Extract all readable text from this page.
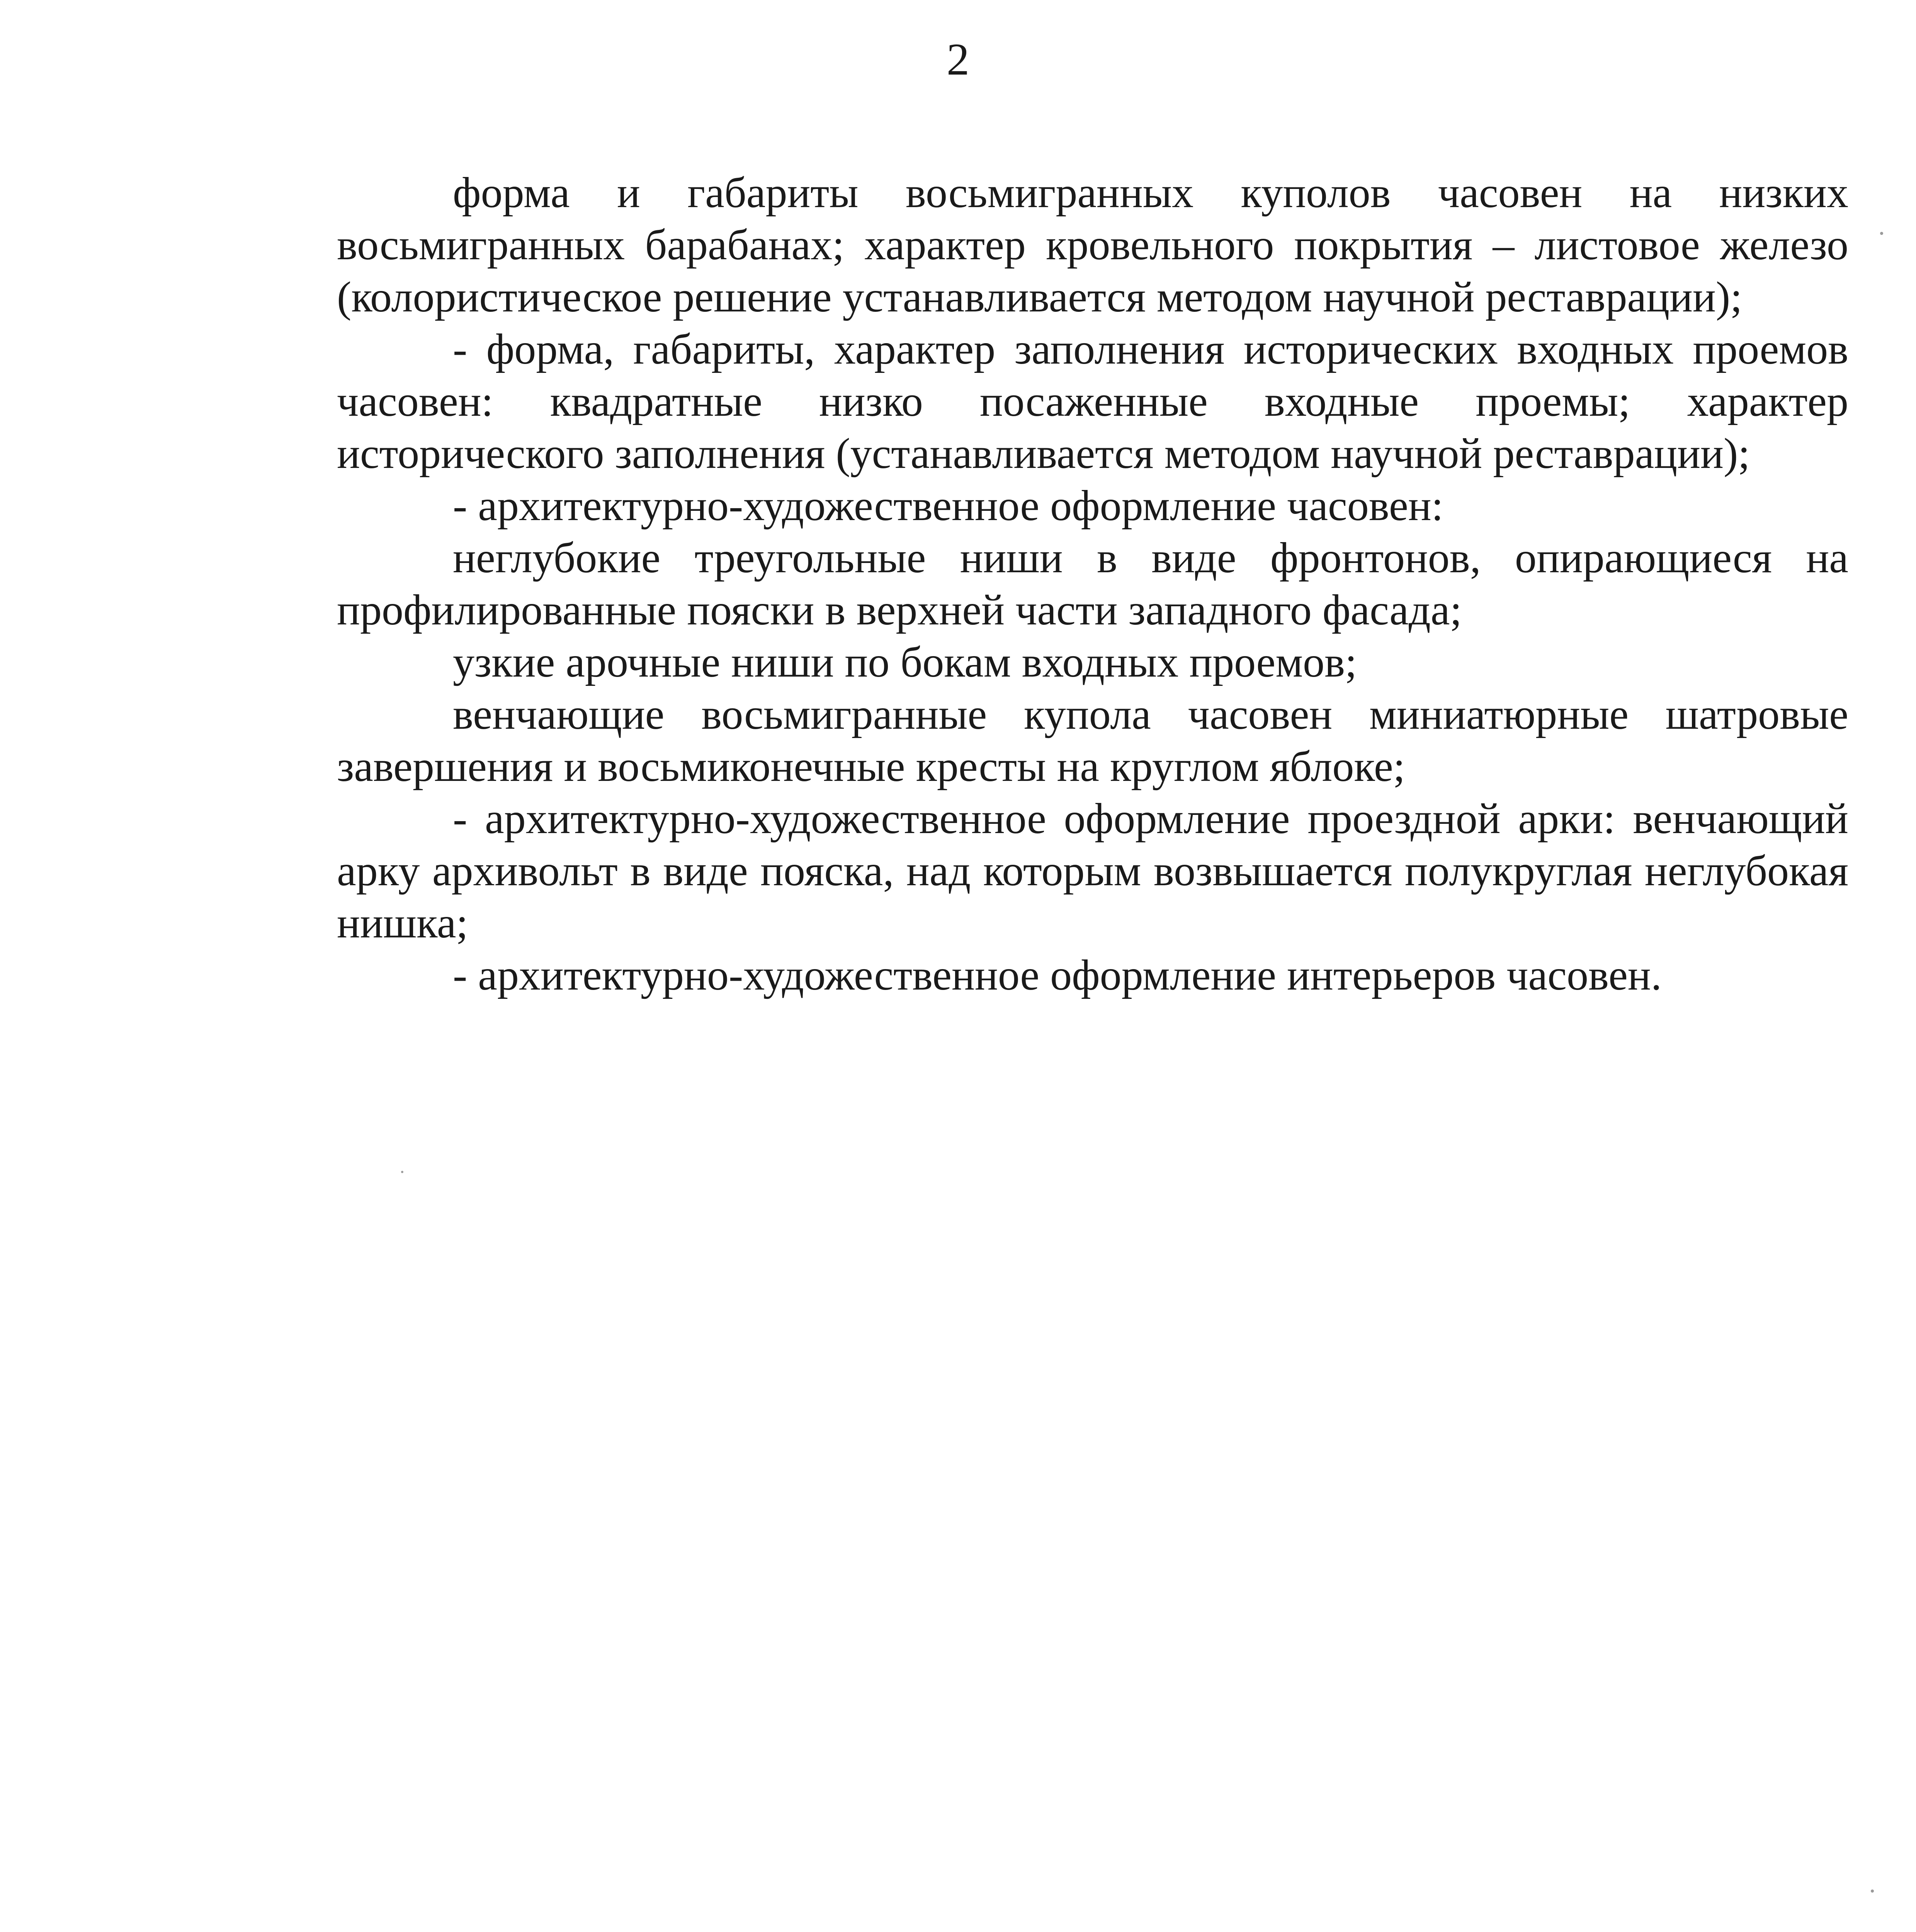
2

форма и габариты восьмигранных куполов часовен на низких восьмигранных барабанах; характер кровельного покрытия – листовое железо (колористическое решение устанавливается методом научной реставрации);

- форма, габариты, характер заполнения исторических входных проемов часовен: квадратные низко посаженные входные проемы; характер исторического заполнения (устанавливается методом научной реставрации);

- архитектурно-художественное оформление часовен:

неглубокие треугольные ниши в виде фронтонов, опирающиеся на профилированные пояски в верхней части западного фасада;

узкие арочные ниши по бокам входных проемов;

венчающие восьмигранные купола часовен миниатюрные шатровые завершения и восьмиконечные кресты на круглом яблоке;

- архитектурно-художественное оформление проездной арки: венчающий арку архивольт в виде пояска, над которым возвышается полукруглая неглубокая нишка;

- архитектурно-художественное оформление интерьеров часовен.
